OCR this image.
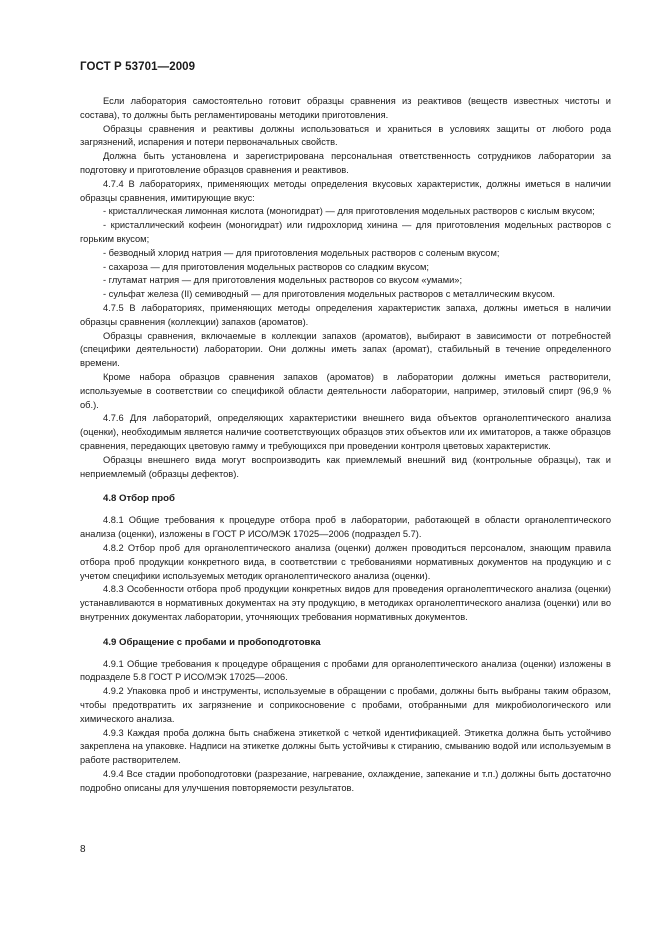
ГОСТ Р 53701—2009

Если лаборатория самостоятельно готовит образцы сравнения из реактивов (веществ известных чистоты и состава), то должны быть регламентированы методики приготовления.

Образцы сравнения и реактивы должны использоваться и храниться в условиях защиты от любого рода загрязнений, испарения и потери первоначальных свойств.

Должна быть установлена и зарегистрирована персональная ответственность сотрудников лаборатории за подготовку и приготовление образцов сравнения и реактивов.

4.7.4 В лабораториях, применяющих методы определения вкусовых характеристик, должны иметься в наличии образцы сравнения, имитирующие вкус:

- кристаллическая лимонная кислота (моногидрат) — для приготовления модельных растворов с кислым вкусом;

- кристаллический кофеин (моногидрат) или гидрохлорид хинина — для приготовления модельных растворов с горьким вкусом;

- безводный хлорид натрия — для приготовления модельных растворов с соленым вкусом;

- сахароза — для приготовления модельных растворов со сладким вкусом;

- глутамат натрия — для приготовления модельных растворов со вкусом «умами»;

- сульфат железа (II) семиводный — для приготовления модельных растворов с металлическим вкусом.

4.7.5 В лабораториях, применяющих методы определения характеристик запаха, должны иметься в наличии образцы сравнения (коллекции) запахов (ароматов).

Образцы сравнения, включаемые в коллекции запахов (ароматов), выбирают в зависимости от потребностей (специфики деятельности) лаборатории. Они должны иметь запах (аромат), стабильный в течение определенного времени.

Кроме набора образцов сравнения запахов (ароматов) в лаборатории должны иметься растворители, используемые в соответствии со спецификой области деятельности лаборатории, например, этиловый спирт (96,9 % об.).

4.7.6 Для лабораторий, определяющих характеристики внешнего вида объектов органолептического анализа (оценки), необходимым является наличие соответствующих образцов этих объектов или их имитаторов, а также образцов сравнения, передающих цветовую гамму и требующихся при проведении контроля цветовых характеристик.

Образцы внешнего вида могут воспроизводить как приемлемый внешний вид (контрольные образцы), так и неприемлемый (образцы дефектов).

4.8 Отбор проб

4.8.1 Общие требования к процедуре отбора проб в лаборатории, работающей в области органолептического анализа (оценки), изложены в ГОСТ Р ИСО/МЭК 17025—2006 (подраздел 5.7).

4.8.2 Отбор проб для органолептического анализа (оценки) должен проводиться персоналом, знающим правила отбора проб продукции конкретного вида, в соответствии с требованиями нормативных документов на продукцию и с учетом специфики используемых методик органолептического анализа (оценки).

4.8.3 Особенности отбора проб продукции конкретных видов для проведения органолептического анализа (оценки) устанавливаются в нормативных документах на эту продукцию, в методиках органолептического анализа (оценки) или во внутренних документах лаборатории, уточняющих требования нормативных документов.

4.9 Обращение с пробами и пробоподготовка

4.9.1 Общие требования к процедуре обращения с пробами для органолептического анализа (оценки) изложены в подразделе 5.8 ГОСТ Р ИСО/МЭК 17025—2006.

4.9.2 Упаковка проб и инструменты, используемые в обращении с пробами, должны быть выбраны таким образом, чтобы предотвратить их загрязнение и соприкосновение с пробами, отобранными для микробиологического или химического анализа.

4.9.3 Каждая проба должна быть снабжена этикеткой с четкой идентификацией. Этикетка должна быть устойчиво закреплена на упаковке. Надписи на этикетке должны быть устойчивы к стиранию, смыванию водой или используемым в работе растворителем.

4.9.4 Все стадии пробоподготовки (разрезание, нагревание, охлаждение, запекание и т.п.) должны быть достаточно подробно описаны для улучшения повторяемости результатов.

8
